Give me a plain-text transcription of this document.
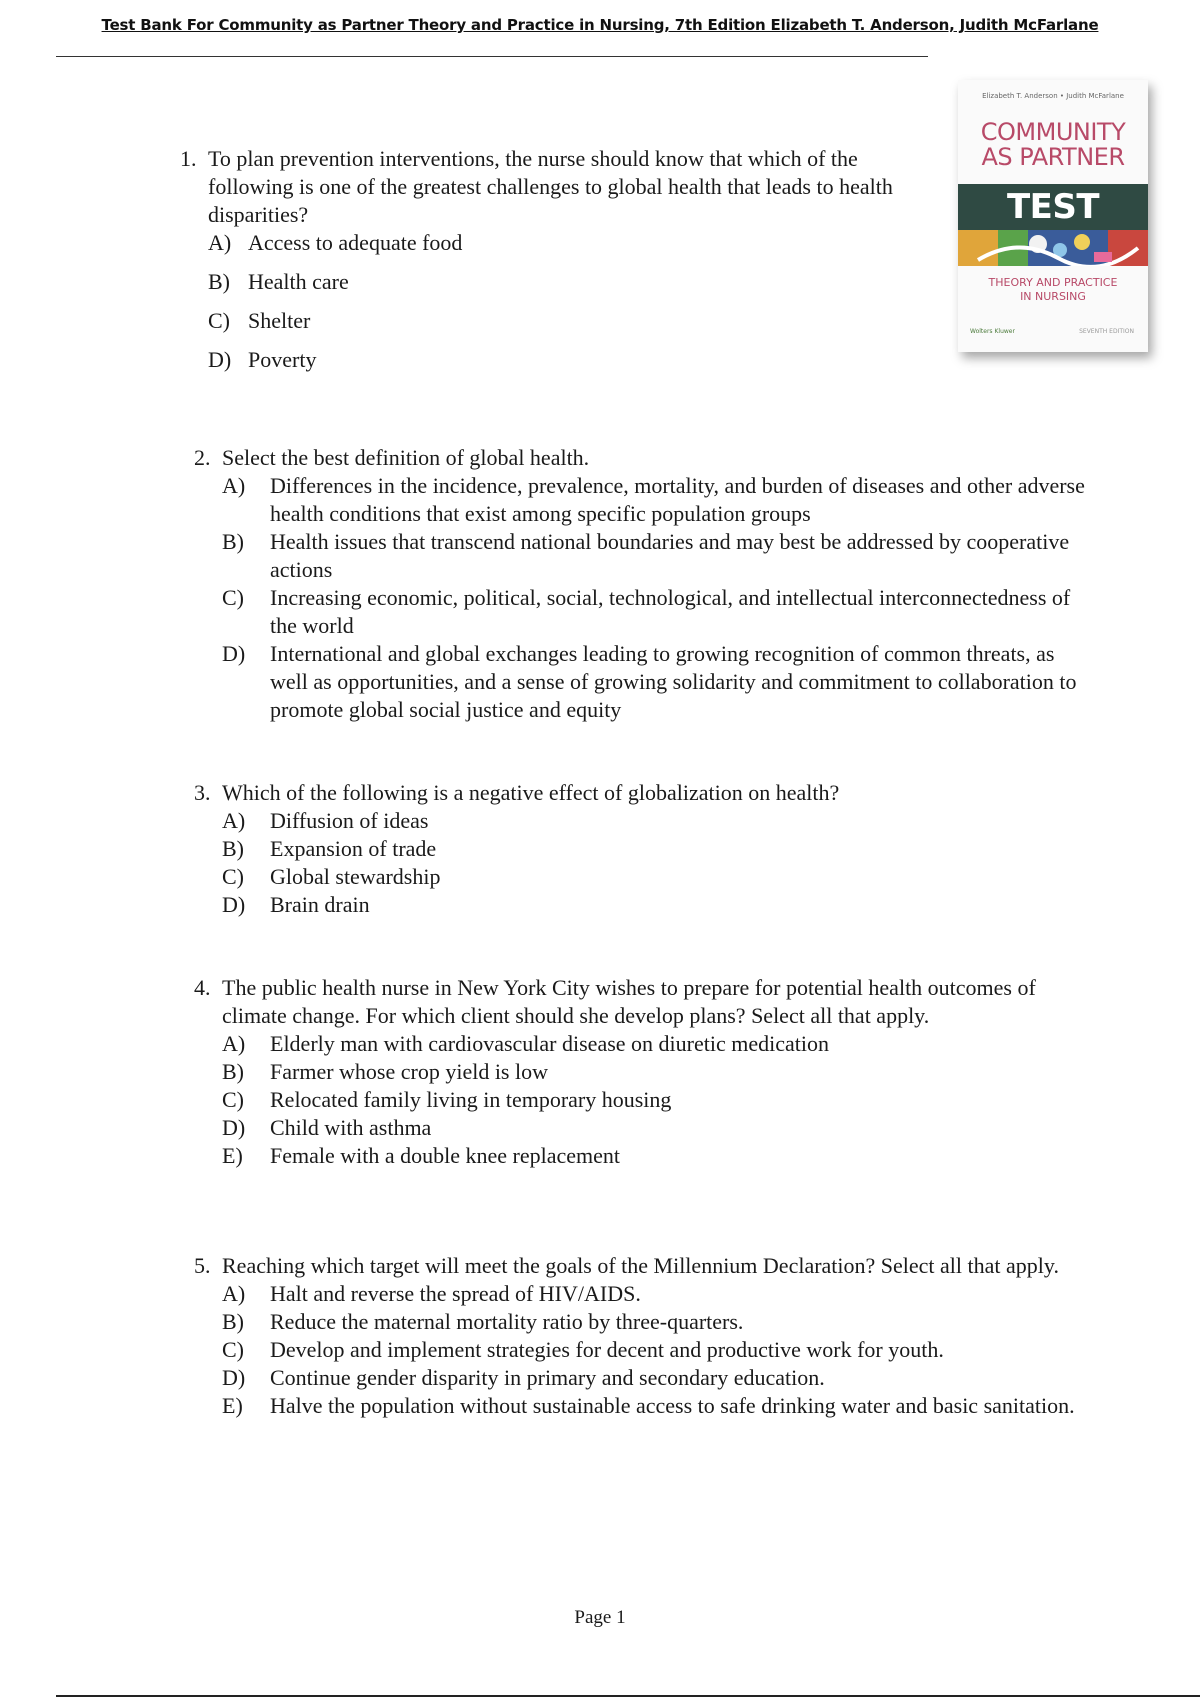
Test Bank For Community as Partner Theory and Practice in Nursing, 7th Edition Elizabeth T. Anderson, Judith McFarlane
Elizabeth T. Anderson • Judith McFarlane
COMMUNITY
AS PARTNER
TEST
THEORY AND PRACTICE
IN NURSING
Wolters Kluwer	SEVENTH EDITION
1. To plan prevention interventions, the nurse should know that which of the following is one of the greatest challenges to global health that leads to health disparities?
A) Access to adequate food
B) Health care
C) Shelter
D) Poverty
2. Select the best definition of global health.
A) Differences in the incidence, prevalence, mortality, and burden of diseases and other adverse health conditions that exist among specific population groups
B) Health issues that transcend national boundaries and may best be addressed by cooperative actions
C) Increasing economic, political, social, technological, and intellectual interconnectedness of the world
D) International and global exchanges leading to growing recognition of common threats, as well as opportunities, and a sense of growing solidarity and commitment to collaboration to promote global social justice and equity
3. Which of the following is a negative effect of globalization on health?
A) Diffusion of ideas
B) Expansion of trade
C) Global stewardship
D) Brain drain
4. The public health nurse in New York City wishes to prepare for potential health outcomes of climate change. For which client should she develop plans? Select all that apply.
A) Elderly man with cardiovascular disease on diuretic medication
B) Farmer whose crop yield is low
C) Relocated family living in temporary housing
D) Child with asthma
E) Female with a double knee replacement
5. Reaching which target will meet the goals of the Millennium Declaration? Select all that apply.
A) Halt and reverse the spread of HIV/AIDS.
B) Reduce the maternal mortality ratio by three-quarters.
C) Develop and implement strategies for decent and productive work for youth.
D) Continue gender disparity in primary and secondary education.
E) Halve the population without sustainable access to safe drinking water and basic sanitation.
Page 1
